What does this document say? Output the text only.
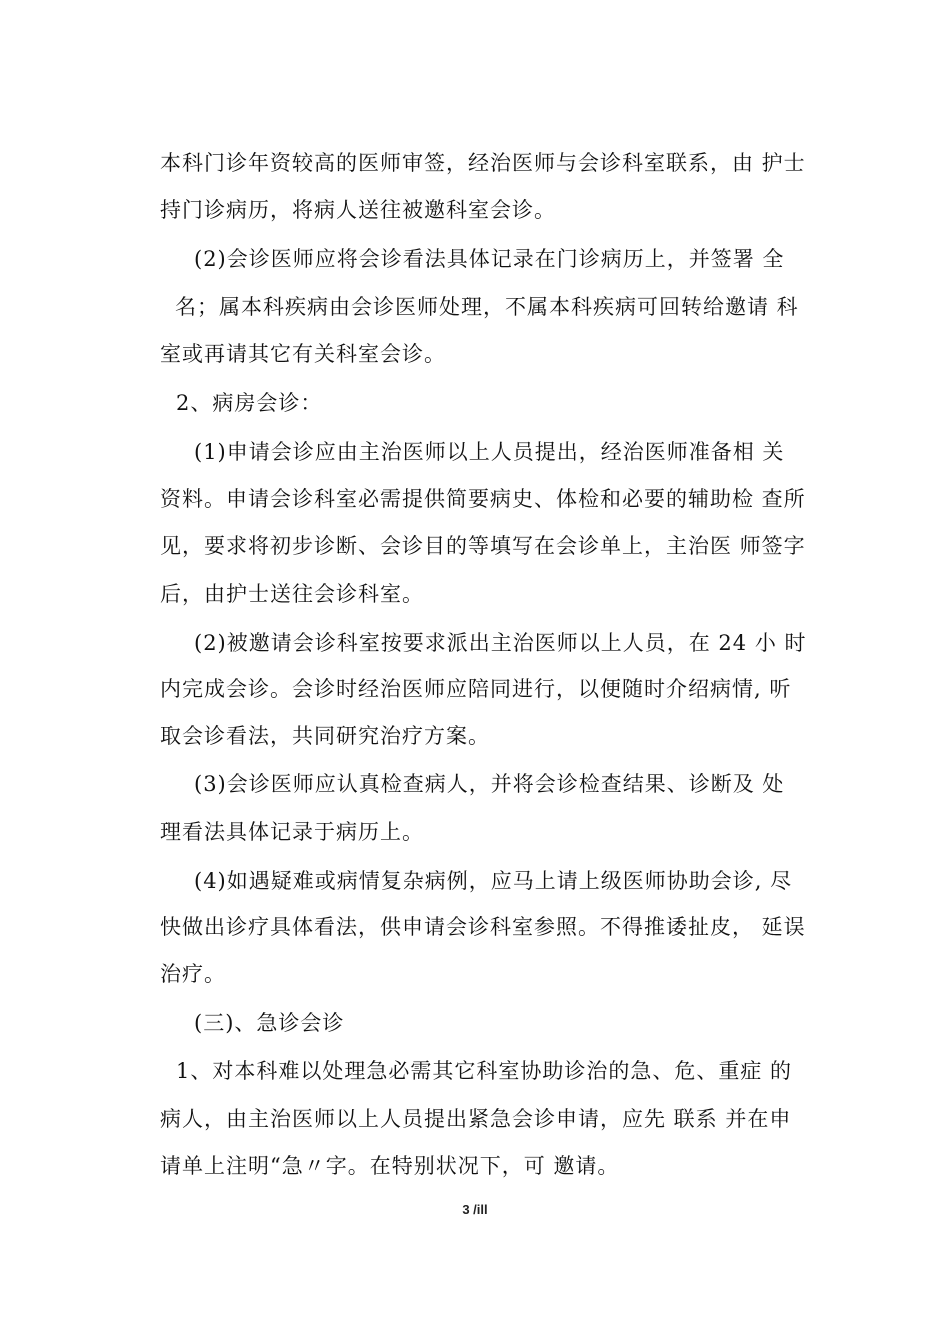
本科门诊年资较高的医师审签，经治医师与会诊科室联系，由 护士
持门诊病历，将病人送往被邀科室会诊。
(2)会诊医师应将会诊看法具体记录在门诊病历上，并签署 全
名；属本科疾病由会诊医师处理，不属本科疾病可回转给邀请 科
室或再请其它有关科室会诊。
2、病房会诊：
(1)申请会诊应由主治医师以上人员提出，经治医师准备相 关
资料。申请会诊科室必需提供简要病史、体检和必要的辅助检 查所
见，要求将初步诊断、会诊目的等填写在会诊单上，主治医 师签字
后，由护士送往会诊科室。
(2)被邀请会诊科室按要求派出主治医师以上人员，在 24 小 时
内完成会诊。会诊时经治医师应陪同进行，以便随时介绍病情, 听
取会诊看法，共同研究治疗方案。
(3)会诊医师应认真检查病人，并将会诊检查结果、诊断及 处
理看法具体记录于病历上。
(4)如遇疑难或病情复杂病例，应马上请上级医师协助会诊, 尽
快做出诊疗具体看法，供申请会诊科室参照。不得推诿扯皮， 延误
治疗。
(三)、急诊会诊
1、对本科难以处理急必需其它科室协助诊治的急、危、重症 的
病人，由主治医师以上人员提出紧急会诊申请，应先 联系 并在申
请单上注明“急〃字。在特别状况下，可 邀请。
3 /ill
